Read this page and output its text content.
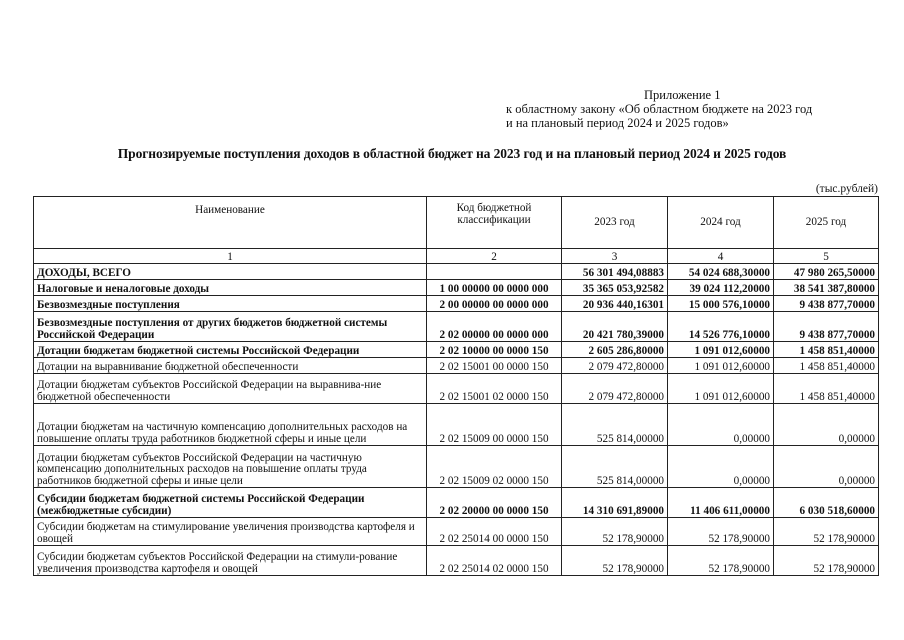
Приложение 1
к областному закону «Об областном бюджете на 2023 год
и на плановый период 2024 и 2025 годов»
Прогнозируемые поступления доходов в областной бюджет на 2023 год и на плановый период 2024 и 2025 годов
(тыс.рублей)
Наименование	Код бюджетной классификации	2023 год	2024 год	2025 год
1	2	3	4	5
ДОХОДЫ, ВСЕГО		56 301 494,08883	54 024 688,30000	47 980 265,50000
Налоговые и неналоговые доходы	1 00 00000 00 0000 000	35 365 053,92582	39 024 112,20000	38 541 387,80000
Безвозмездные поступления	2 00 00000 00 0000 000	20 936 440,16301	15 000 576,10000	9 438 877,70000
Безвозмездные поступления от других бюджетов бюджетной системы Российской Федерации	2 02 00000 00 0000 000	20 421 780,39000	14 526 776,10000	9 438 877,70000
Дотации бюджетам бюджетной системы Российской Федерации	2 02 10000 00 0000 150	2 605 286,80000	1 091 012,60000	1 458 851,40000
Дотации на выравнивание бюджетной обеспеченности	2 02 15001 00 0000 150	2 079 472,80000	1 091 012,60000	1 458 851,40000
Дотации бюджетам субъектов Российской Федерации на выравнива-ние бюджетной обеспеченности	2 02 15001 02 0000 150	2 079 472,80000	1 091 012,60000	1 458 851,40000
Дотации бюджетам на частичную компенсацию дополнительных расходов на повышение оплаты труда работников бюджетной сферы и иные цели	2 02 15009 00 0000 150	525 814,00000	0,00000	0,00000
Дотации бюджетам субъектов Российской Федерации на частичную компенсацию дополнительных расходов на повышение оплаты труда работников бюджетной сферы и иные цели	2 02 15009 02 0000 150	525 814,00000	0,00000	0,00000
Субсидии бюджетам бюджетной системы Российской Федерации (межбюджетные субсидии)	2 02 20000 00 0000 150	14 310 691,89000	11 406 611,00000	6 030 518,60000
Субсидии бюджетам на стимулирование увеличения производства картофеля и овощей	2 02 25014 00 0000 150	52 178,90000	52 178,90000	52 178,90000
Субсидии бюджетам субъектов Российской Федерации на стимули-рование увеличения производства картофеля и овощей	2 02 25014 02 0000 150	52 178,90000	52 178,90000	52 178,90000
